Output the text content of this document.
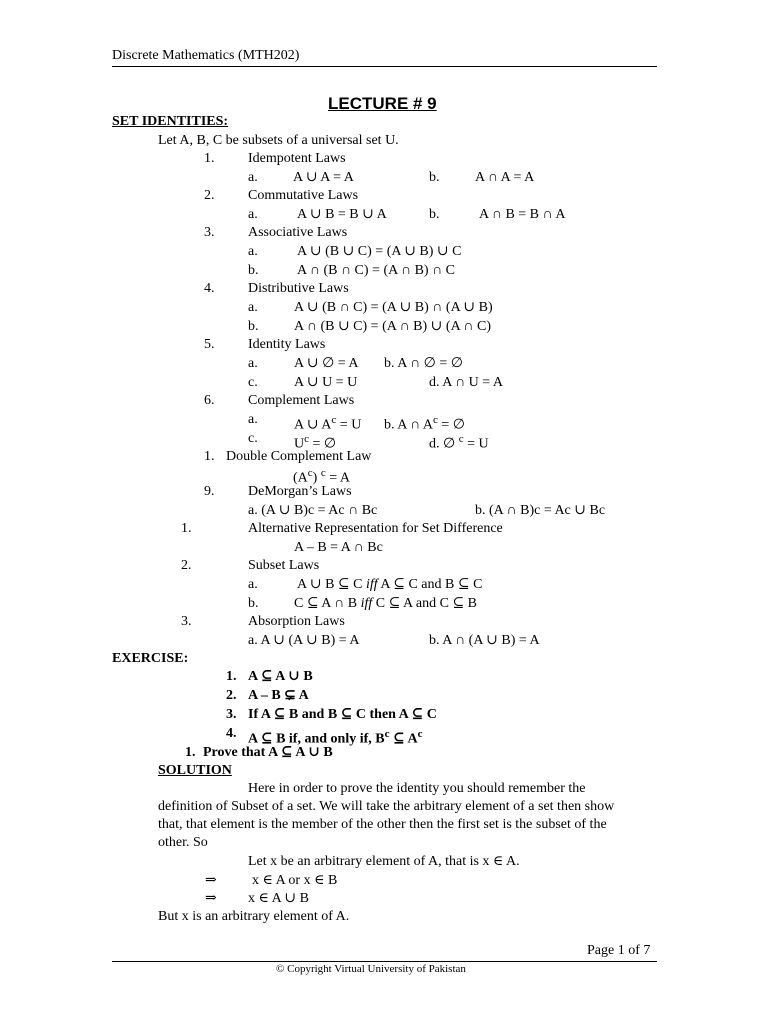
Discrete Mathematics (MTH202)
LECTURE # 9
SET IDENTITIES:
Let A, B, C be subsets of a universal set U.
1. Idempotent Laws
a.	A ∪ A = A	b.	A ∩ A = A
2. Commutative Laws
a.	A ∪ B = B ∪ A	b.	A ∩ B = B ∩ A
3. Associative Laws
a.	A ∪ (B ∪ C) = (A ∪ B) ∪ C
b.	A ∩ (B ∩ C) = (A ∩ B) ∩ C
4. Distributive Laws
a.	A ∪ (B ∩ C) = (A ∪ B) ∩ (A ∪ B)
b.	A ∩ (B ∪ C) = (A ∩ B) ∪ (A ∩ C)
5. Identity Laws
a.	A ∪ ∅ = A b. A ∩ ∅ = ∅
c.	A ∪ U = U	d. A ∩ U = A
6. Complement Laws
a.	A ∪ $A^c = U$ b. A ∩ $A^c$ = ∅
c.	$U^c$ = ∅	d. ∅ $^c$ = U
1. Double Complement Law
$(A^c) ^c = A$
9. DeMorgan’s Laws
a. (A ∪ B)c = Ac ∩ Bc	b. (A ∩ B)c = Ac ∪ Bc
1.	Alternative Representation for Set Difference
A – B = A ∩ Bc
2.	Subset Laws
a.	A ∪ B ⊆ C iff A ⊆ C and B ⊆ C
b.	C ⊆ A ∩ B iff C ⊆ A and C ⊆ B
3.	Absorption Laws
a. A ∪ (A ∪ B) = A	b. A ∩ (A ∪ B) = A
EXERCISE:
1. A ⊆ A ∪ B
2. A – B ⊊ A
3. If A ⊆ B and B ⊆ C then A ⊆ C
4. A ⊆ B if, and only if, $B^c$ ⊆ $A^c$
1. Prove that A ⊆ A ∪ B
SOLUTION
Here in order to prove the identity you should remember the
definition of Subset of a set. We will take the arbitrary element of a set then show
that, that element is the member of the other then the first set is the subset of the
other. So
Let x be an arbitrary element of A, that is x ∈ A.
⇒	x ∈ A or x ∈ B
⇒ x ∈ A ∪ B
But x is an arbitrary element of A.
Page 1 of 7
© Copyright Virtual University of Pakistan
